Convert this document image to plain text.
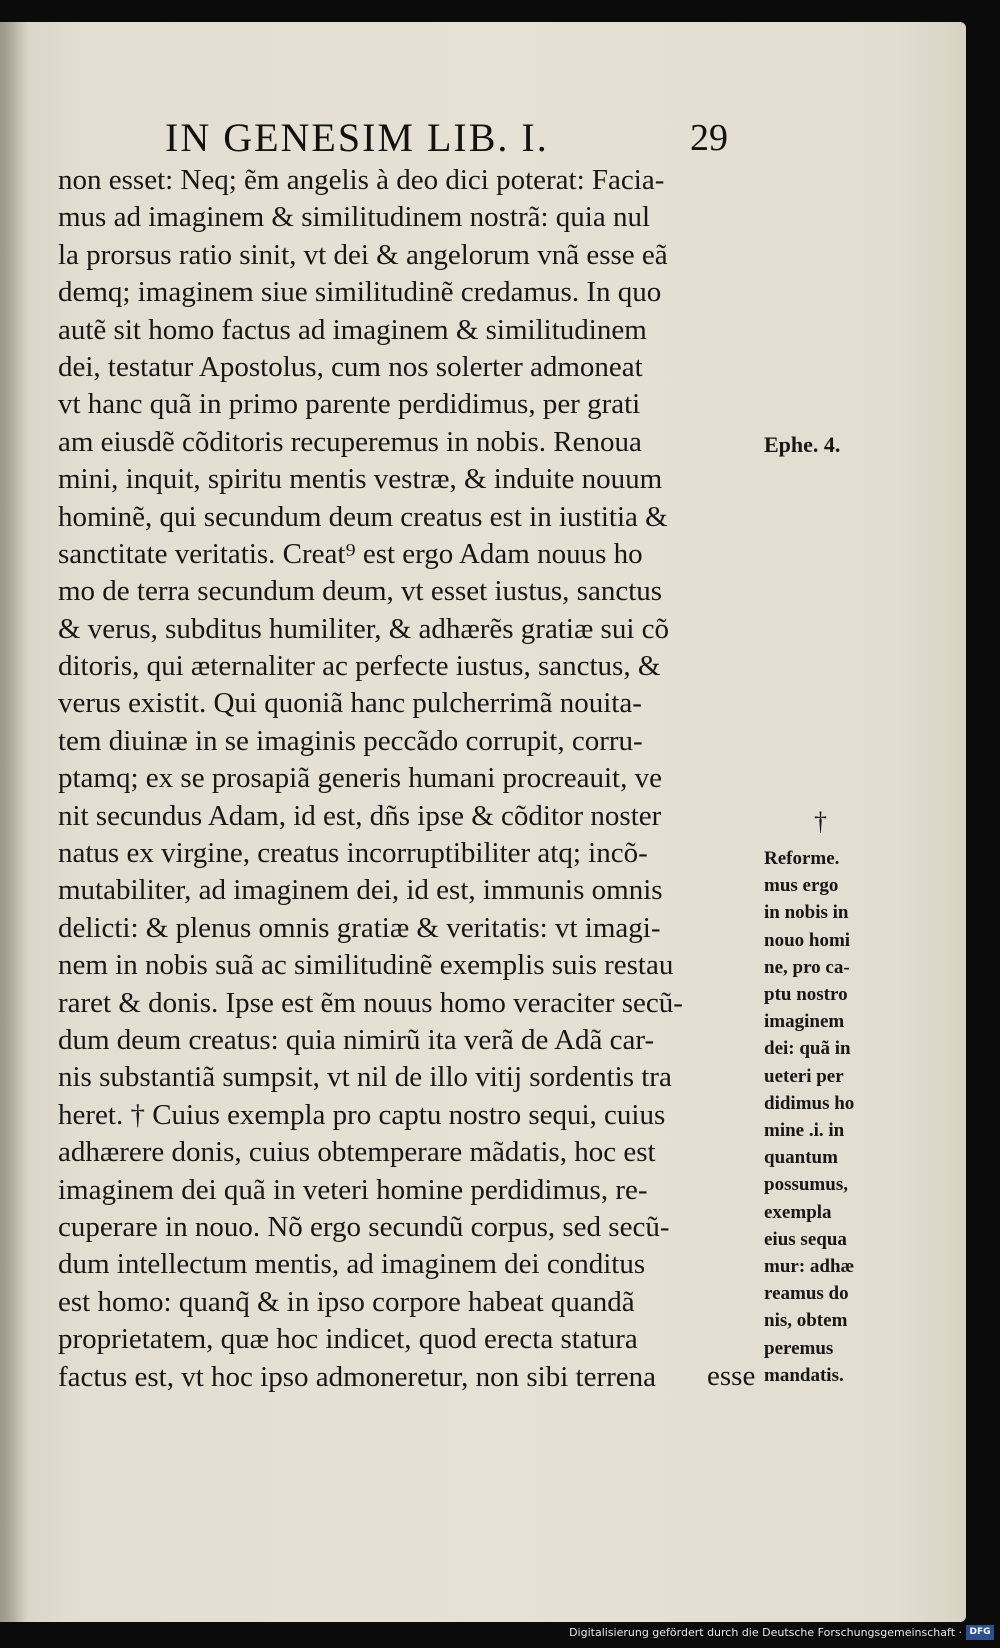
IN GENESIM LIB. I.	29
non esset: Neq; ẽm angelis à deo dici poterat: Facia-
mus ad imaginem & similitudinem nostrã: quia nul
la prorsus ratio sinit, vt dei & angelorum vnã esse eã
demq; imaginem siue similitudinẽ credamus. In quo
autẽ sit homo factus ad imaginem & similitudinem
dei, testatur Apostolus, cum nos solerter admoneat
vt hanc quã in primo parente perdidimus, per grati
am eiusdẽ cõditoris recuperemus in nobis. Renoua
mini, inquit, spiritu mentis vestræ, & induite nouum
hominẽ, qui secundum deum creatus est in iustitia &
sanctitate veritatis. Creat⁹ est ergo Adam nouus ho
mo de terra secundum deum, vt esset iustus, sanctus
& verus, subditus humiliter, & adhærẽs gratiæ sui cõ
ditoris, qui æternaliter ac perfecte iustus, sanctus, &
verus existit. Qui quoniã hanc pulcherrimã nouita-
tem diuinæ in se imaginis peccãdo corrupit, corru-
ptamq; ex se prosapiã generis humani procreauit, ve
nit secundus Adam, id est, dñs ipse & cõditor noster
natus ex virgine, creatus incorruptibiliter atq; incõ-
mutabiliter, ad imaginem dei, id est, immunis omnis
delicti: & plenus omnis gratiæ & veritatis: vt imagi-
nem in nobis suã ac similitudinẽ exemplis suis restau
raret & donis. Ipse est ẽm nouus homo veraciter secũ-
dum deum creatus: quia nimirũ ita verã de Adã car-
nis substantiã sumpsit, vt nil de illo vitij sordentis tra
heret. † Cuius exempla pro captu nostro sequi, cuius
adhærere donis, cuius obtemperare mãdatis, hoc est
imaginem dei quã in veteri homine perdidimus, re-
cuperare in nouo. Nõ ergo secundũ corpus, sed secũ-
dum intellectum mentis, ad imaginem dei conditus
est homo: quanq̃ & in ipso corpore habeat quandã
proprietatem, quæ hoc indicet, quod erecta statura
factus est, vt hoc ipso admoneretur, non sibi terrena
Ephe. 4.
†
Reforme.
mus ergo
in nobis in
nouo homi
ne, pro ca-
ptu nostro
imaginem
dei: quã in
ueteri per
didimus ho
mine .i. in
quantum
possumus,
exempla
eius sequa
mur: adhæ
reamus do
nis, obtem
peremus
mandatis.
esse
Digitalisierung gefördert durch die Deutsche Forschungsgemeinschaft · DFG
